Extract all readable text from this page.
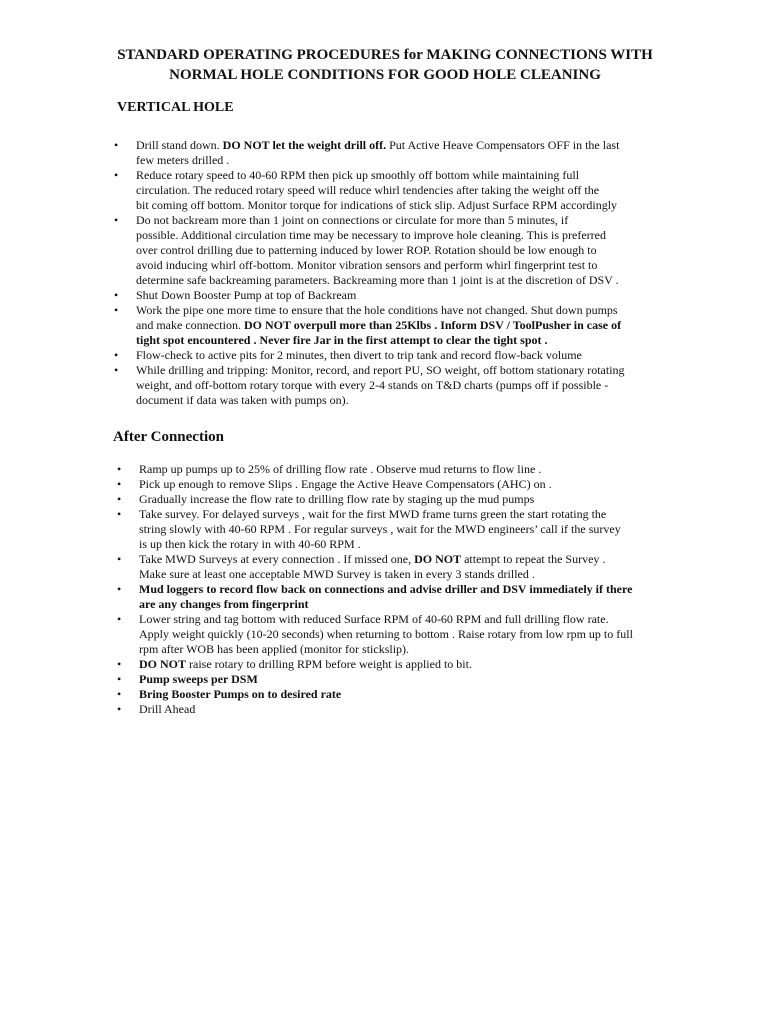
STANDARD OPERATING PROCEDURES for MAKING CONNECTIONS WITH
NORMAL HOLE CONDITIONS FOR GOOD HOLE CLEANING
VERTICAL HOLE
• Drill stand down. DO NOT let the weight drill off. Put Active Heave Compensators OFF in the last
few meters drilled .
• Reduce rotary speed to 40-60 RPM then pick up smoothly off bottom while maintaining full
circulation. The reduced rotary speed will reduce whirl tendencies after taking the weight off the
bit coming off bottom. Monitor torque for indications of stick slip. Adjust Surface RPM accordingly
• Do not backream more than 1 joint on connections or circulate for more than 5 minutes, if
possible. Additional circulation time may be necessary to improve hole cleaning. This is preferred
over control drilling due to patterning induced by lower ROP. Rotation should be low enough to
avoid inducing whirl off-bottom. Monitor vibration sensors and perform whirl fingerprint test to
determine safe backreaming parameters. Backreaming more than 1 joint is at the discretion of DSV .
• Shut Down Booster Pump at top of Backream
• Work the pipe one more time to ensure that the hole conditions have not changed. Shut down pumps
and make connection. DO NOT overpull more than 25Klbs . Inform DSV / ToolPusher in case of
tight spot encountered . Never fire Jar in the first attempt to clear the tight spot .
• Flow-check to active pits for 2 minutes, then divert to trip tank and record flow-back volume
• While drilling and tripping: Monitor, record, and report PU, SO weight, off bottom stationary rotating
weight, and off-bottom rotary torque with every 2-4 stands on T&D charts (pumps off if possible -
document if data was taken with pumps on).
After Connection
• Ramp up pumps up to 25% of drilling flow rate . Observe mud returns to flow line .
• Pick up enough to remove Slips . Engage the Active Heave Compensators (AHC) on .
• Gradually increase the flow rate to drilling flow rate by staging up the mud pumps
• Take survey. For delayed surveys , wait for the first MWD frame turns green the start rotating the
string slowly with 40-60 RPM . For regular surveys , wait for the MWD engineers’ call if the survey
is up then kick the rotary in with 40-60 RPM .
• Take MWD Surveys at every connection . If missed one, DO NOT attempt to repeat the Survey .
Make sure at least one acceptable MWD Survey is taken in every 3 stands drilled .
• Mud loggers to record flow back on connections and advise driller and DSV immediately if there
are any changes from fingerprint
• Lower string and tag bottom with reduced Surface RPM of 40-60 RPM and full drilling flow rate.
Apply weight quickly (10-20 seconds) when returning to bottom . Raise rotary from low rpm up to full
rpm after WOB has been applied (monitor for stickslip).
• DO NOT raise rotary to drilling RPM before weight is applied to bit.
• Pump sweeps per DSM
• Bring Booster Pumps on to desired rate
• Drill Ahead
